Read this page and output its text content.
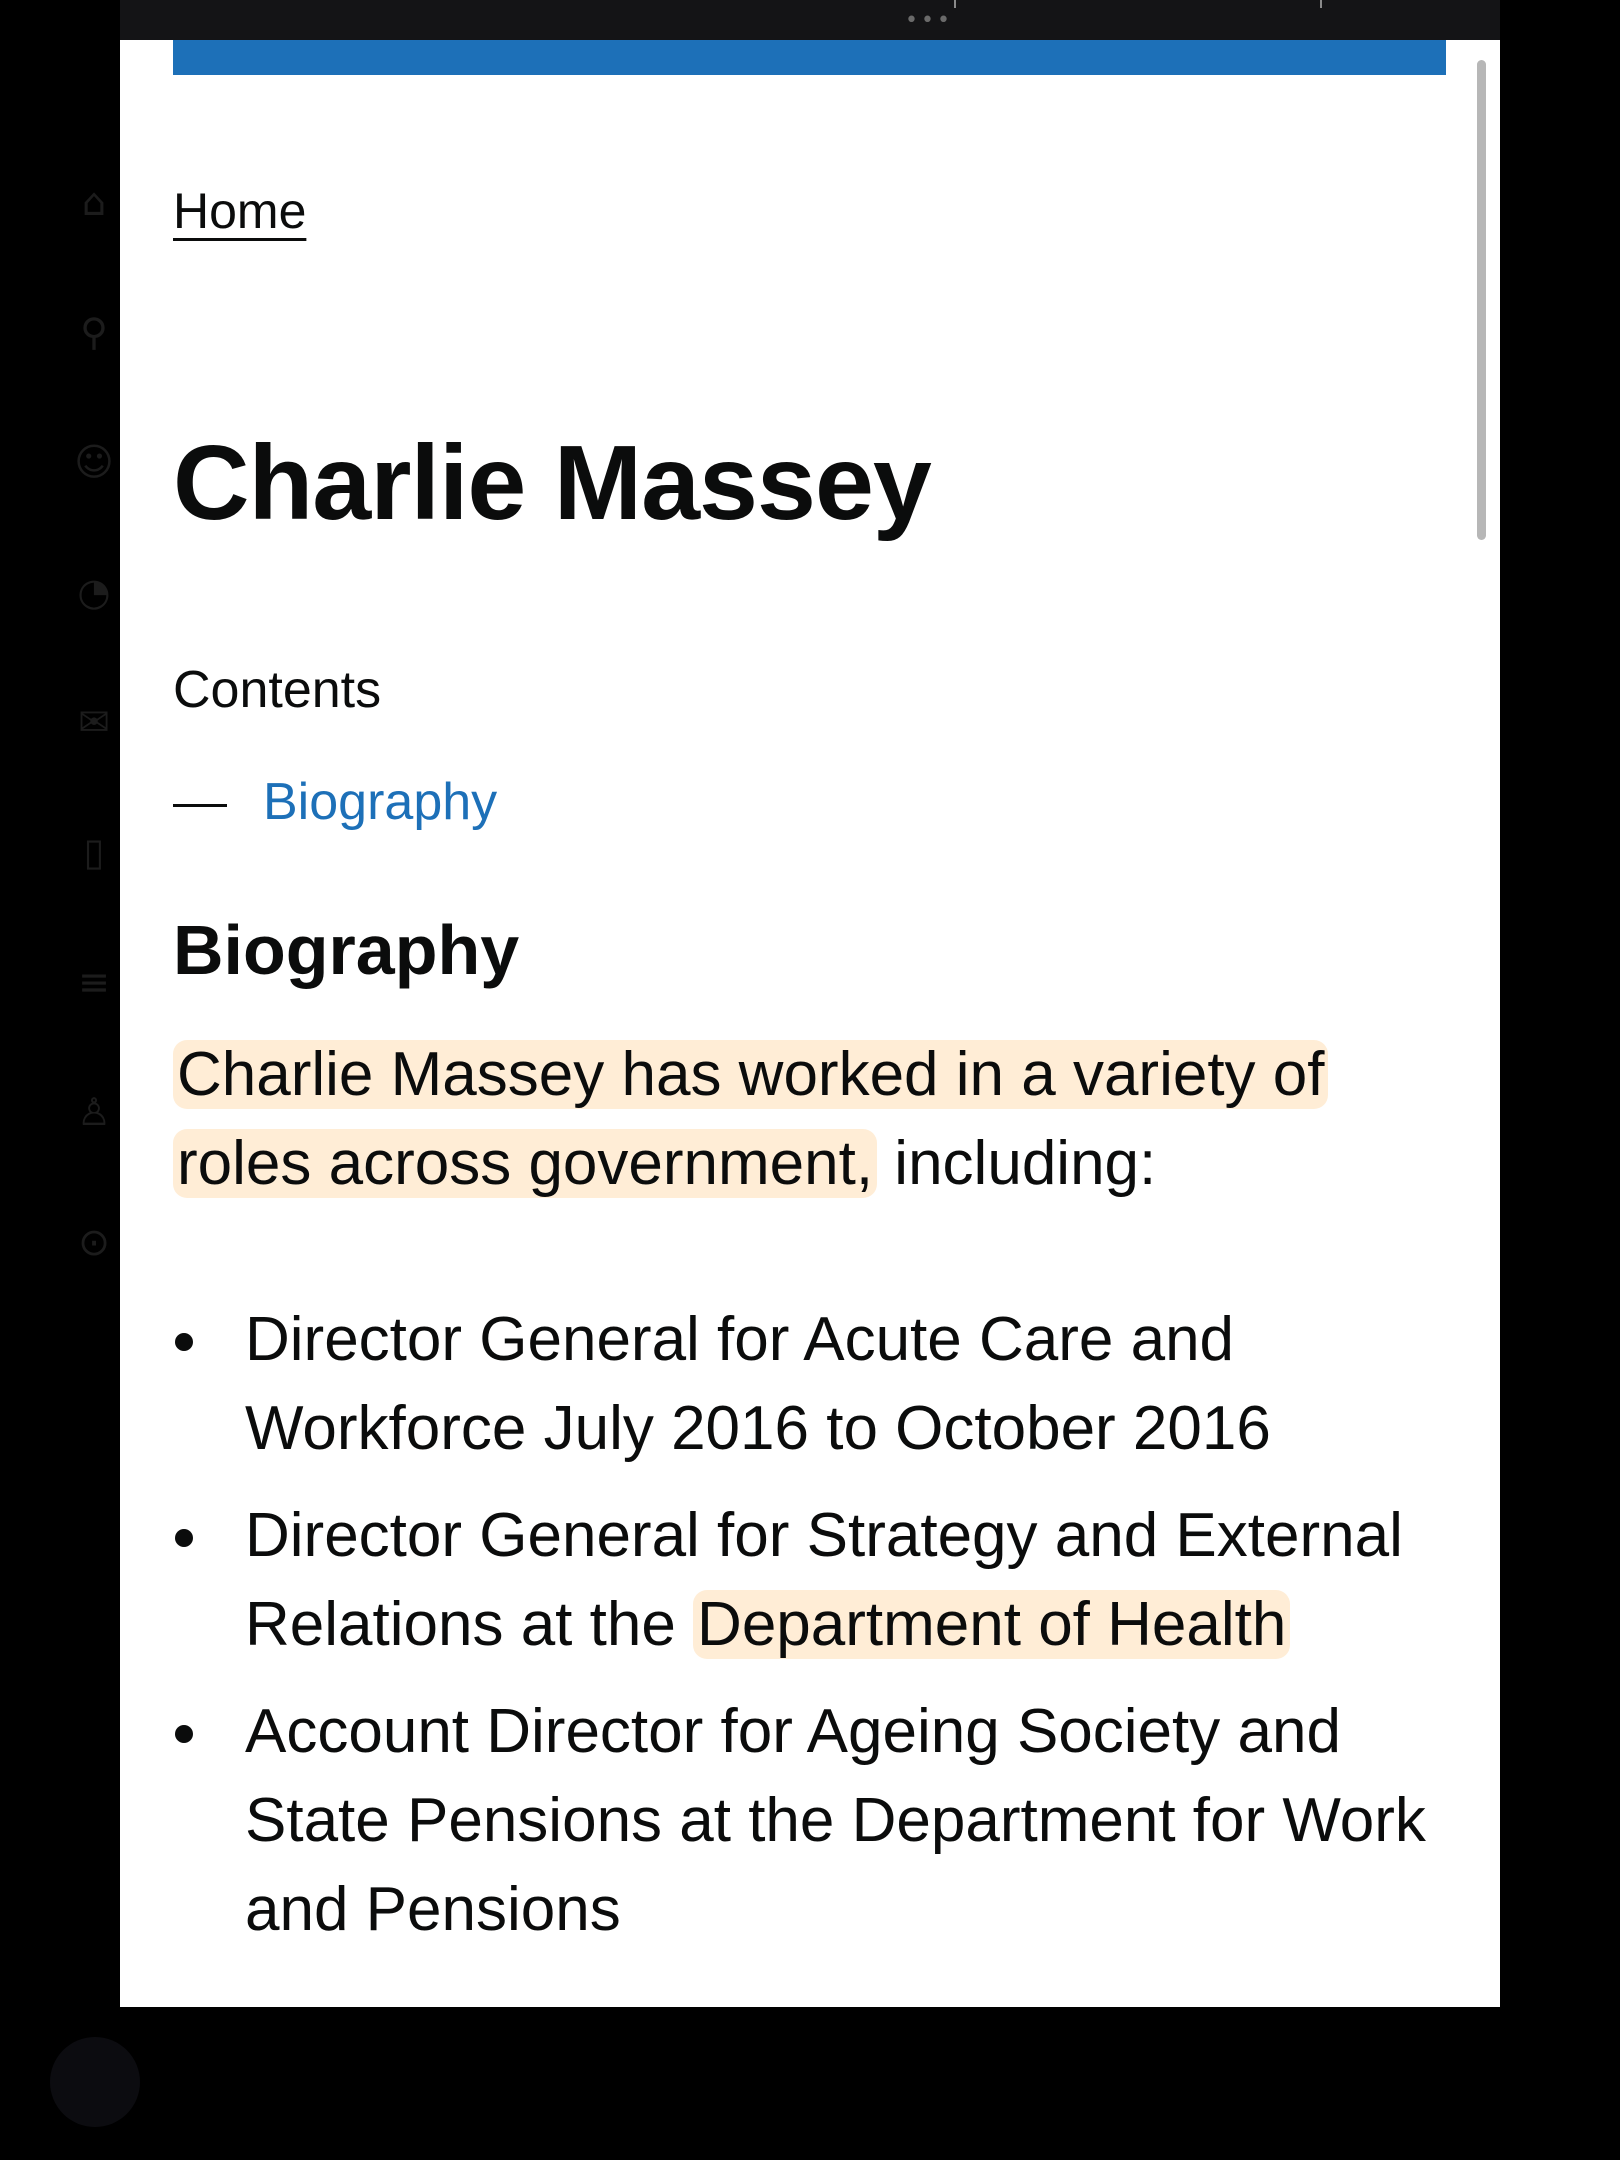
•••
⌂
⚲
☺
◔
✉
▯
≡
♙
⊙
Home
Charlie Massey
Contents
Biography
Biography

Charlie Massey has worked in a variety of roles across government, including:

Director General for Acute Care and Workforce July 2016 to October 2016
Director General for Strategy and External Relations at the Department of Health
Account Director for Ageing Society and State Pensions at the Department for Work and Pensions
